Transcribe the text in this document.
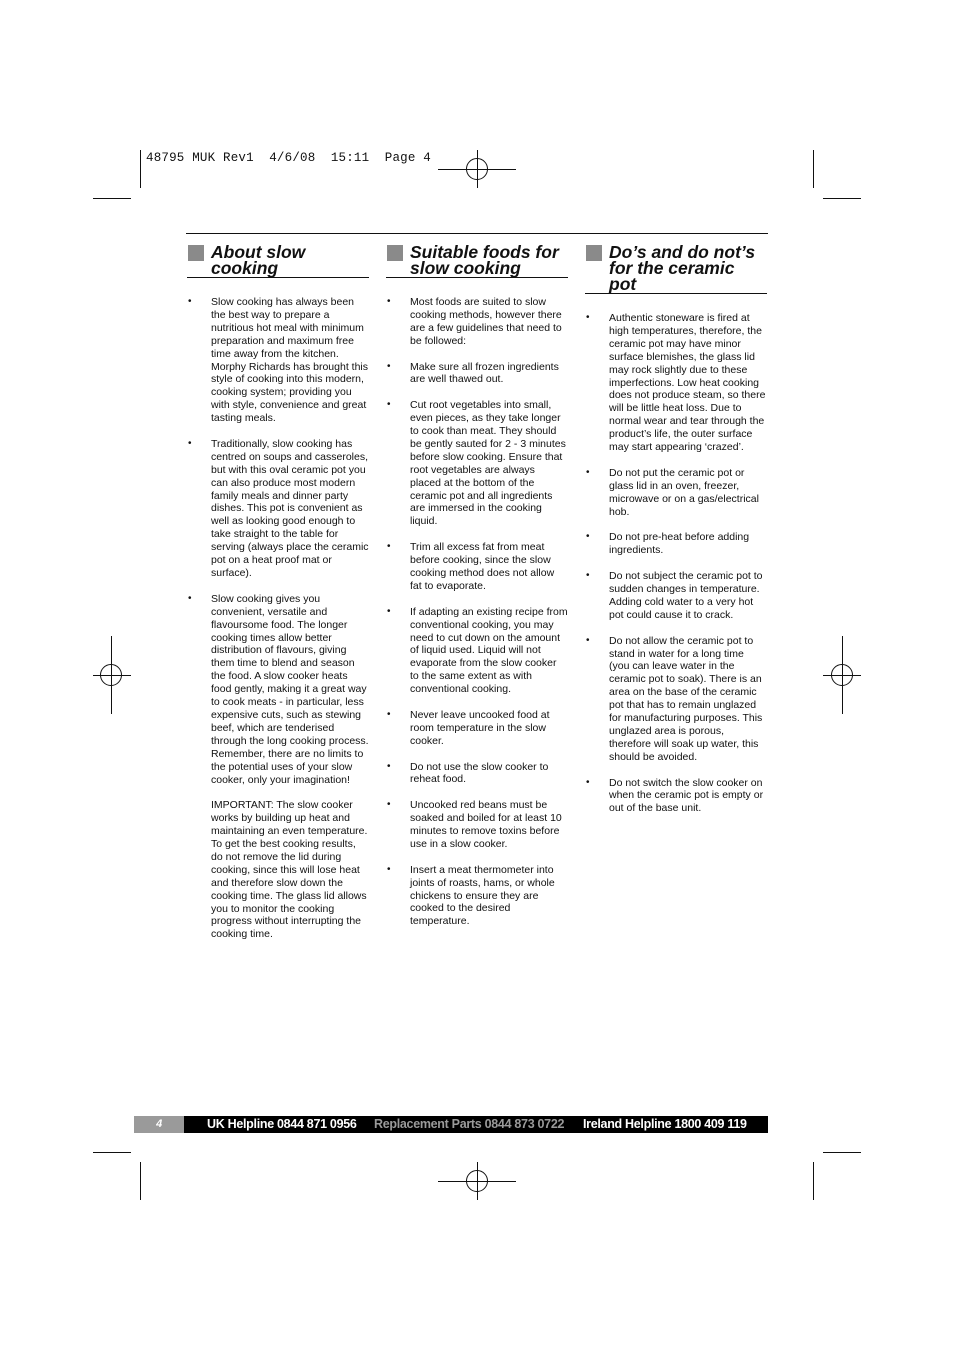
48795 MUK Rev1  4/6/08  15:11  Page 4
About slow
cooking
• Slow cooking has always been the best way to prepare a nutritious hot meal with minimum preparation and maximum free time away from the kitchen. Morphy Richards has brought this style of cooking into this modern, cooking system; providing you with style, convenience and great tasting meals.
• Traditionally, slow cooking has centred on soups and casseroles, but with this oval ceramic pot you can also produce most modern family meals and dinner party dishes. This pot is convenient as well as looking good enough to take straight to the table for serving (always place the ceramic pot on a heat proof mat or surface).
• Slow cooking gives you convenient, versatile and flavoursome food. The longer cooking times allow better distribution of flavours, giving them time to blend and season the food. A slow cooker heats food gently, making it a great way to cook meats - in particular, less expensive cuts, such as stewing beef, which are tenderised through the long cooking process. Remember, there are no limits to the potential uses of your slow cooker, only your imagination!
IMPORTANT: The slow cooker works by building up heat and maintaining an even temperature. To get the best cooking results, do not remove the lid during cooking, since this will lose heat and therefore slow down the cooking time. The glass lid allows you to monitor the cooking progress without interrupting the cooking time.
Suitable foods for
slow cooking
• Most foods are suited to slow cooking methods, however there are a few guidelines that need to be followed:
• Make sure all frozen ingredients are well thawed out.
• Cut root vegetables into small, even pieces, as they take longer to cook than meat. They should be gently sauted for 2 - 3 minutes before slow cooking. Ensure that root vegetables are always placed at the bottom of the ceramic pot and all ingredients are immersed in the cooking liquid.
• Trim all excess fat from meat before cooking, since the slow cooking method does not allow fat to evaporate.
• If adapting an existing recipe from conventional cooking, you may need to cut down on the amount of liquid used. Liquid will not evaporate from the slow cooker to the same extent as with conventional cooking.
• Never leave uncooked food at room temperature in the slow cooker.
• Do not use the slow cooker to reheat food.
• Uncooked red beans must be soaked and boiled for at least 10 minutes to remove toxins before use in a slow cooker.
• Insert a meat thermometer into joints of roasts, hams, or whole chickens to ensure they are cooked to the desired temperature.
Do’s and do not’s
for the ceramic
pot
• Authentic stoneware is fired at high temperatures, therefore, the ceramic pot may have minor surface blemishes, the glass lid may rock slightly due to these imperfections. Low heat cooking does not produce steam, so there will be little heat loss. Due to normal wear and tear through the product’s life, the outer surface may start appearing ‘crazed’.
• Do not put the ceramic pot or glass lid in an oven, freezer, microwave or on a gas/electrical hob.
• Do not pre-heat before adding ingredients.
• Do not subject the ceramic pot to sudden changes in temperature. Adding cold water to a very hot pot could cause it to crack.
• Do not allow the ceramic pot to stand in water for a long time (you can leave water in the ceramic pot to soak). There is an area on the base of the ceramic pot that has to remain unglazed for manufacturing purposes. This unglazed area is porous, therefore will soak up water, this should be avoided.
• Do not switch the slow cooker on when the ceramic pot is empty or out of the base unit.
4	UK Helpline 0844 871 0956 Replacement Parts 0844 873 0722 Ireland Helpline 1800 409 119
